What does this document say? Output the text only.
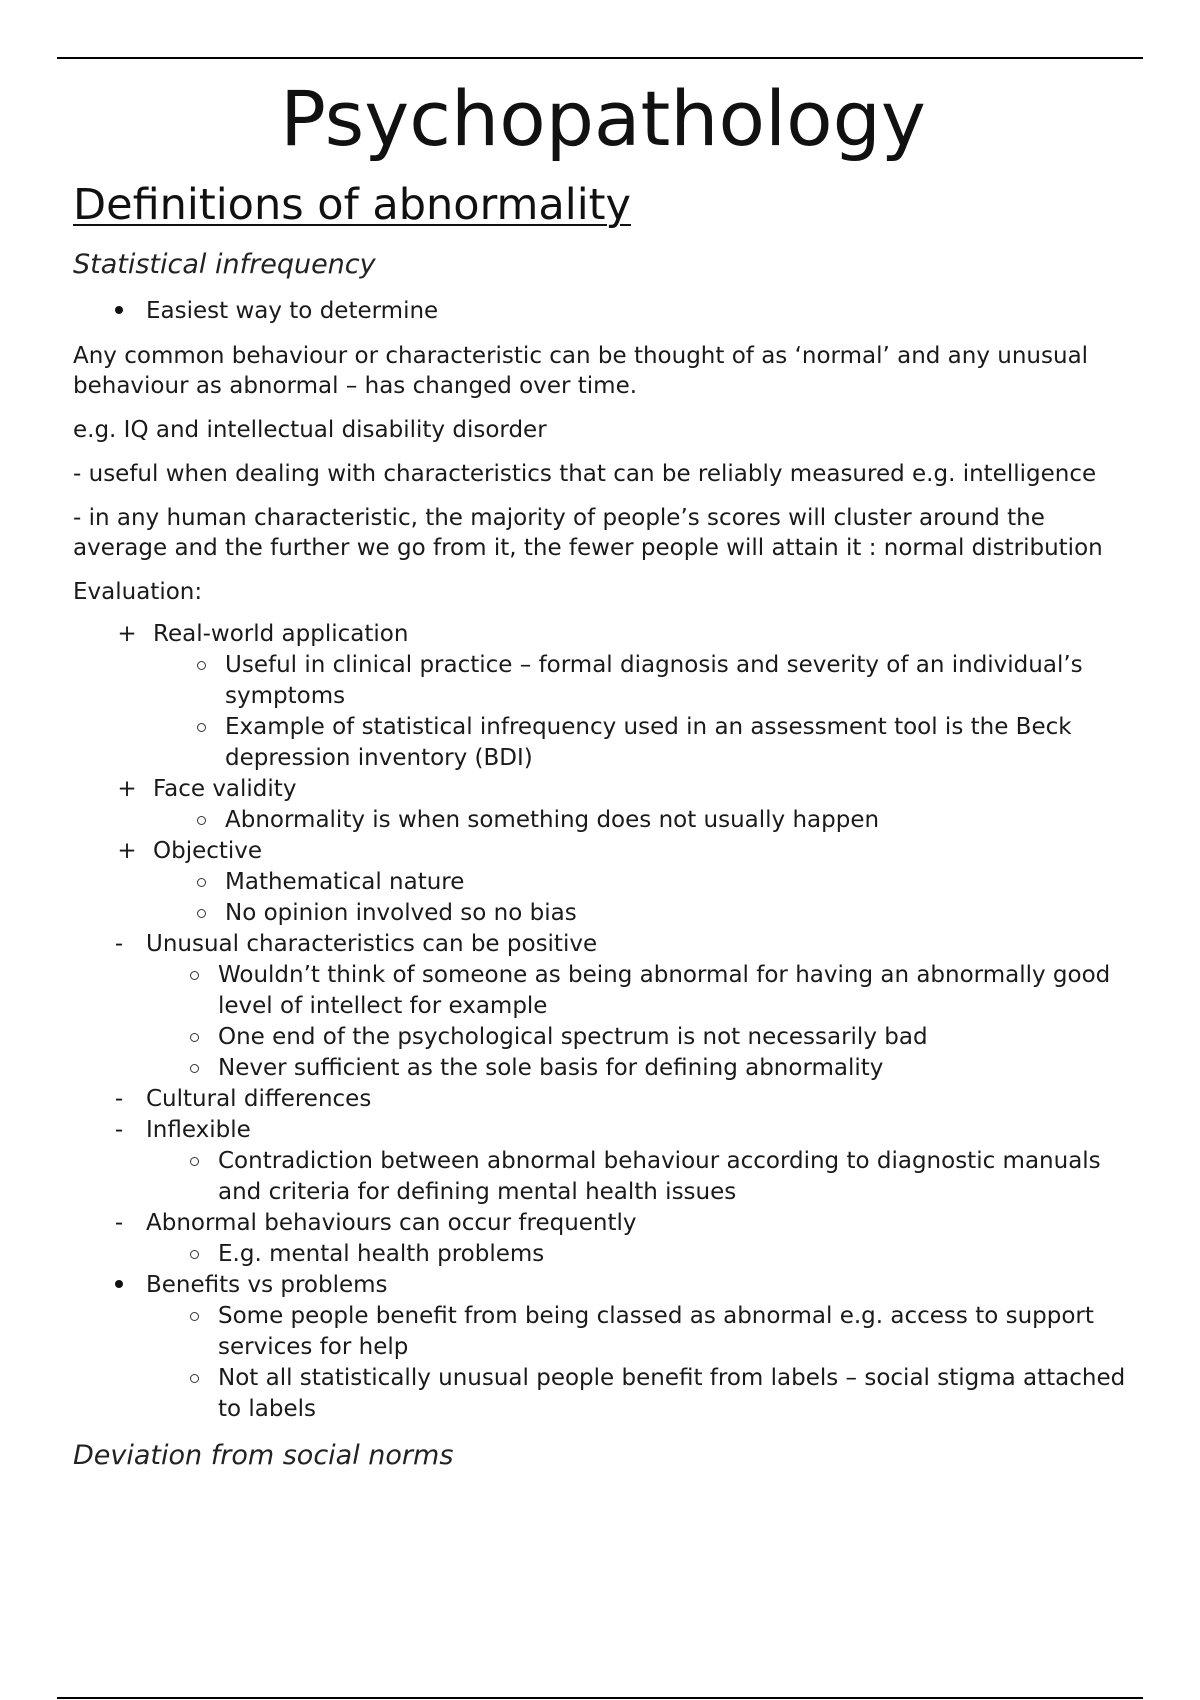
Psychopathology
Definitions of abnormality
Statistical infrequency
Easiest way to determine

Any common behaviour or characteristic can be thought of as ‘normal’ and any unusual behaviour as abnormal – has changed over time.

e.g. IQ and intellectual disability disorder

- useful when dealing with characteristics that can be reliably measured e.g. intelligence

- in any human characteristic, the majority of people’s scores will cluster around the average and the further we go from it, the fewer people will attain it : normal distribution

Evaluation:

+ Real-world application
Useful in clinical practice – formal diagnosis and severity of an individual’s symptoms
Example of statistical infrequency used in an assessment tool is the Beck depression inventory (BDI)
+ Face validity
Abnormality is when something does not usually happen
+ Objective
Mathematical nature
No opinion involved so no bias
- Unusual characteristics can be positive
Wouldn’t think of someone as being abnormal for having an abnormally good level of intellect for example
One end of the psychological spectrum is not necessarily bad
Never sufficient as the sole basis for defining abnormality
- Cultural differences
- Inflexible
Contradiction between abnormal behaviour according to diagnostic manuals and criteria for defining mental health issues
- Abnormal behaviours can occur frequently
E.g. mental health problems
Benefits vs problems
Some people benefit from being classed as abnormal e.g. access to support services for help
Not all statistically unusual people benefit from labels – social stigma attached to labels
Deviation from social norms
